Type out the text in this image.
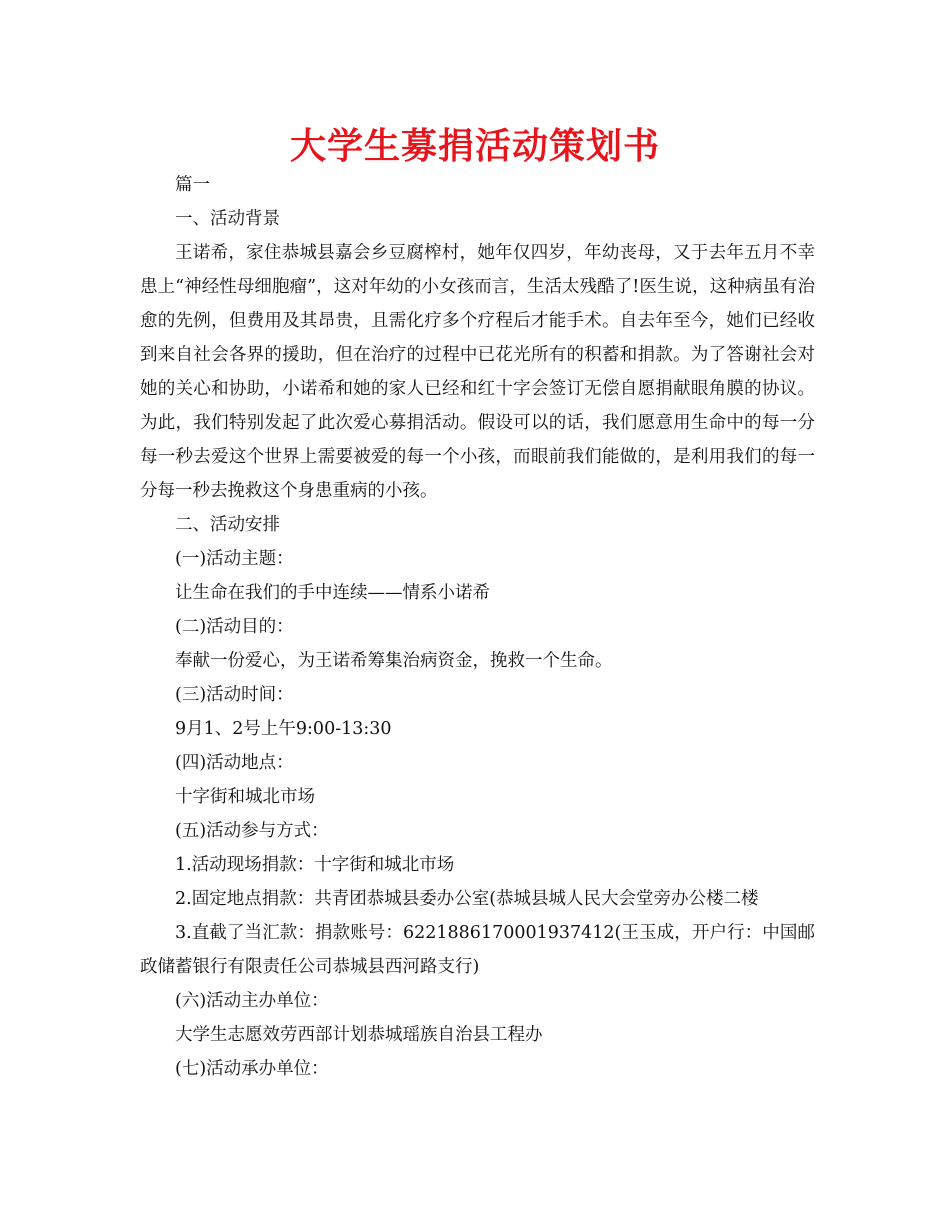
大学生募捐活动策划书

篇一

一、活动背景

王诺希，家住恭城县嘉会乡豆腐榨村，她年仅四岁，年幼丧母，又于去年五月不幸患上“神经性母细胞瘤”，这对年幼的小女孩而言，生活太残酷了!医生说，这种病虽有治愈的先例，但费用及其昂贵，且需化疗多个疗程后才能手术。自去年至今，她们已经收到来自社会各界的援助，但在治疗的过程中已花光所有的积蓄和捐款。为了答谢社会对她的关心和协助，小诺希和她的家人已经和红十字会签订无偿自愿捐献眼角膜的协议。为此，我们特别发起了此次爱心募捐活动。假设可以的话，我们愿意用生命中的每一分每一秒去爱这个世界上需要被爱的每一个小孩，而眼前我们能做的，是利用我们的每一分每一秒去挽救这个身患重病的小孩。

二、活动安排

(一)活动主题：

让生命在我们的手中连续——情系小诺希

(二)活动目的：

奉献一份爱心，为王诺希筹集治病资金，挽救一个生命。

(三)活动时间：

9月1、2号上午9:00-13:30

(四)活动地点：

十字街和城北市场

(五)活动参与方式：

1.活动现场捐款：十字街和城北市场

2.固定地点捐款：共青团恭城县委办公室(恭城县城人民大会堂旁办公楼二楼

3.直截了当汇款：捐款账号：6221886170001937412(王玉成，开户行：中国邮政储蓄银行有限责任公司恭城县西河路支行)

(六)活动主办单位：

大学生志愿效劳西部计划恭城瑶族自治县工程办

(七)活动承办单位：
